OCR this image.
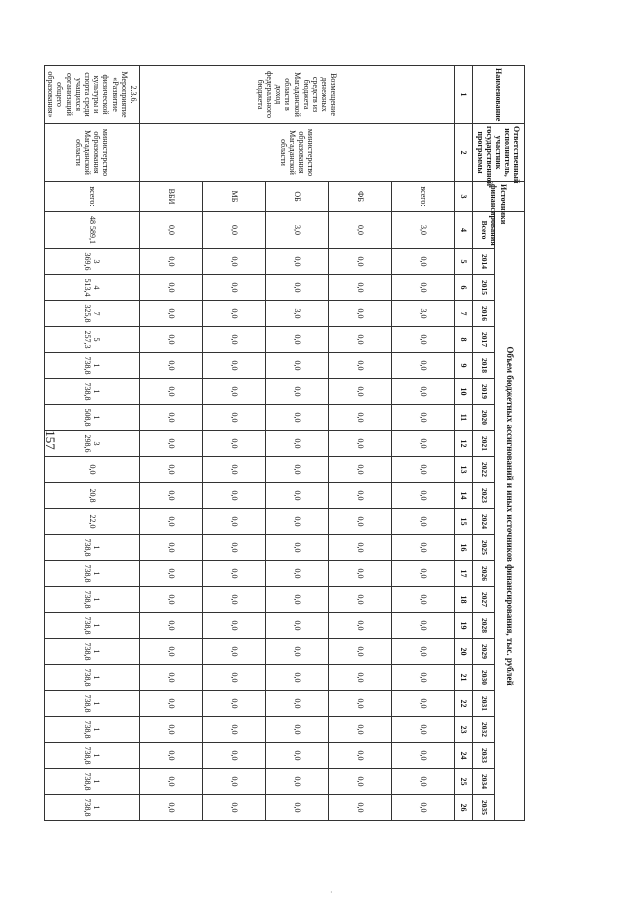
157
Наименование	Ответственный исполнитель, участник государственной программы	Источники финансирования	Объем бюджетных ассигнований и иных источников финансирования, тыс. рублей																						
			Всего	2014	2015	2016	2017	2018	2019	2020	2021	2022	2023	2024	2025	2026	2027	2028	2029	2030	2031	2032	2033	2034	2035
1	2	3	4	5	6	7	8	9	10	11	12	13	14	15	16	17	18	19	20	21	22	23	24	25	26
Возмещение денежных средств из бюджета Магаданской области в доход федерального бюджета	министерство образования Магаданской области	всего:	3,0	0,0	0,0	3,0	0,0	0,0	0,0	0,0	0,0	0,0	0,0	0,0	0,0	0,0	0,0	0,0	0,0	0,0	0,0	0,0	0,0	0,0	0,0
		ФБ	0,0	0,0	0,0	0,0	0,0	0,0	0,0	0,0	0,0	0,0	0,0	0,0	0,0	0,0	0,0	0,0	0,0	0,0	0,0	0,0	0,0	0,0	0,0
		ОБ	3,0	0,0	0,0	3,0	0,0	0,0	0,0	0,0	0,0	0,0	0,0	0,0	0,0	0,0	0,0	0,0	0,0	0,0	0,0	0,0	0,0	0,0	0,0
		МБ	0,0	0,0	0,0	0,0	0,0	0,0	0,0	0,0	0,0	0,0	0,0	0,0	0,0	0,0	0,0	0,0	0,0	0,0	0,0	0,0	0,0	0,0	0,0
		ВБИ	0,0	0,0	0,0	0,0	0,0	0,0	0,0	0,0	0,0	0,0	0,0	0,0	0,0	0,0	0,0	0,0	0,0	0,0	0,0	0,0	0,0	0,0	0,0
2.3.6. Мероприятие «Развитие физической культуры и спорта среди учащихся организаций общего образования»	министерство образования Магаданской области	всего:	48 589,1	3 369,6	4 513,4	7 325,8	5 257,3	1 738,8	1 738,8	1 508,8	3 298,6	0,0	20,8	22,0	1 738,8	1 738,8	1 738,8	1 738,8	1 738,8	1 738,8	1 738,8	1 738,8	1 738,8	1 738,8	1 738,8
·
